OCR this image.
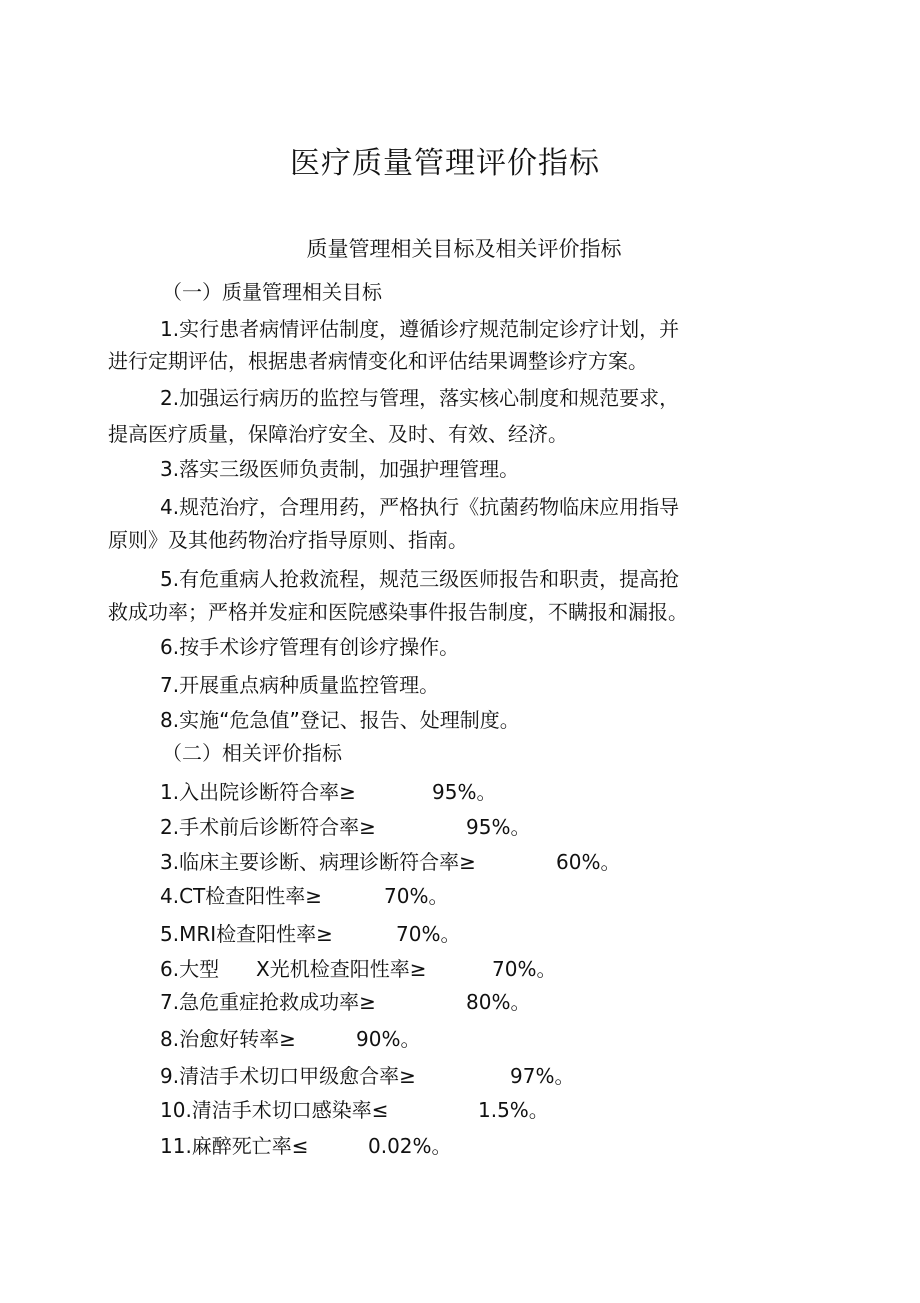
医疗质量管理评价指标
质量管理相关目标及相关评价指标
（一）质量管理相关目标
1.实行患者病情评估制度，遵循诊疗规范制定诊疗计划，并
进行定期评估，根据患者病情变化和评估结果调整诊疗方案。
2.加强运行病历的监控与管理，落实核心制度和规范要求，
提高医疗质量，保障治疗安全、及时、有效、经济。
3.落实三级医师负责制，加强护理管理。
4.规范治疗，合理用药，严格执行《抗菌药物临床应用指导
原则》及其他药物治疗指导原则、指南。
5.有危重病人抢救流程，规范三级医师报告和职责，提高抢
救成功率；严格并发症和医院感染事件报告制度，不瞒报和漏报。
6.按手术诊疗管理有创诊疗操作。
7.开展重点病种质量监控管理。
8.实施“危急值”登记、报告、处理制度。
（二）相关评价指标
1.入出院诊断符合率≥	95%。
2.手术前后诊断符合率≥	95%。
3.临床主要诊断、病理诊断符合率≥	60%。
4.CT检查阳性率≥	70%。
5.MRI检查阳性率≥	70%。
6.大型 X光机检查阳性率≥	70%。
7.急危重症抢救成功率≥	80%。
8.治愈好转率≥	90%。
9.清洁手术切口甲级愈合率≥	97%。
10.清洁手术切口感染率≤	1.5%。
11.麻醉死亡率≤	0.02%。
